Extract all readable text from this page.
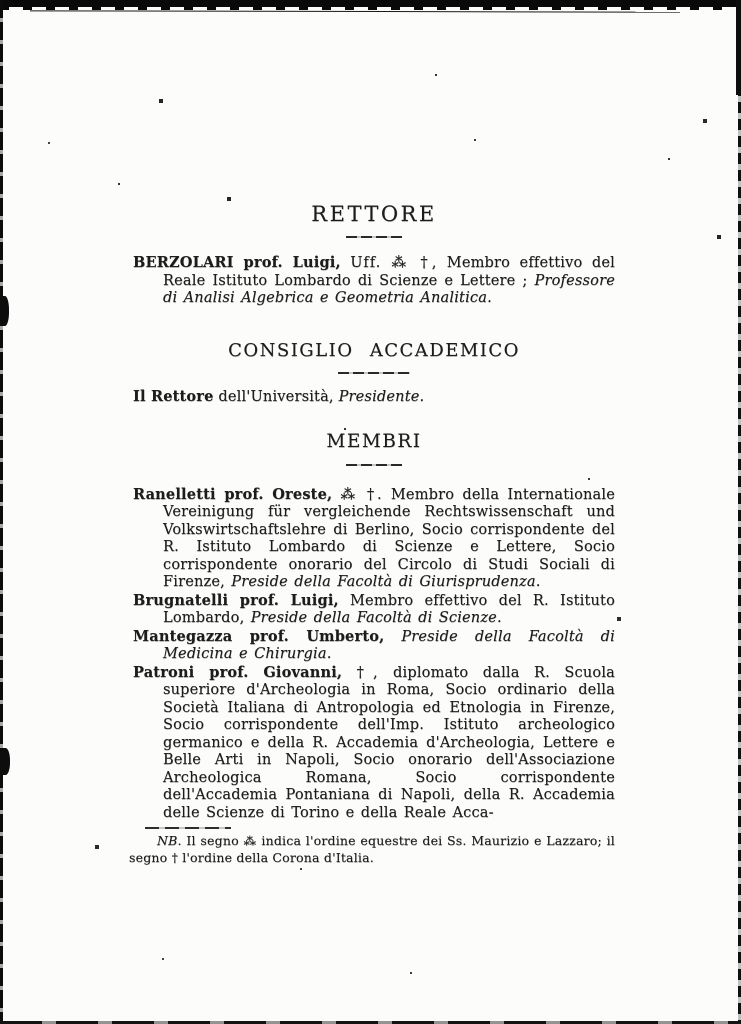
RETTORE

BERZOLARI prof. Luigi, Uff. ⁂ †, Membro effettivo del Reale Istituto Lombardo di Scienze e Lettere ; Professore di Analisi Algebrica e Geometria Analitica.

CONSIGLIO ACCADEMICO

Il Rettore dell'Università, Presidente.

MEMBRI

Ranelletti prof. Oreste, ⁂ †. Membro della Internationale Vereinigung für vergleichende Rechtswissenschaft und Volkswirtschaftslehre di Berlino, Socio corrispondente del R. Istituto Lombardo di Scienze e Lettere, Socio corrispondente onorario del Circolo di Studi Sociali di Firenze, Preside della Facoltà di Giurisprudenza.

Brugnatelli prof. Luigi, Membro effettivo del R. Istituto Lombardo, Preside della Facoltà di Scienze.

Mantegazza prof. Umberto, Preside della Facoltà di Medicina e Chirurgia.

Patroni prof. Giovanni, †, diplomato dalla R. Scuola superiore d'Archeologia in Roma, Socio ordinario della Società Italiana di Antropologia ed Etnologia in Firenze, Socio corrispondente dell'Imp. Istituto archeologico germanico e della R. Accademia d'Archeologia, Lettere e Belle Arti in Napoli, Socio onorario dell'Associazione Archeologica Romana, Socio corrispondente dell'Accademia Pontaniana di Napoli, della R. Accademia delle Scienze di Torino e della Reale Acca-

NB. Il segno ⁂ indica l'ordine equestre dei Ss. Maurizio e Lazzaro; il segno † l'ordine della Corona d'Italia.
